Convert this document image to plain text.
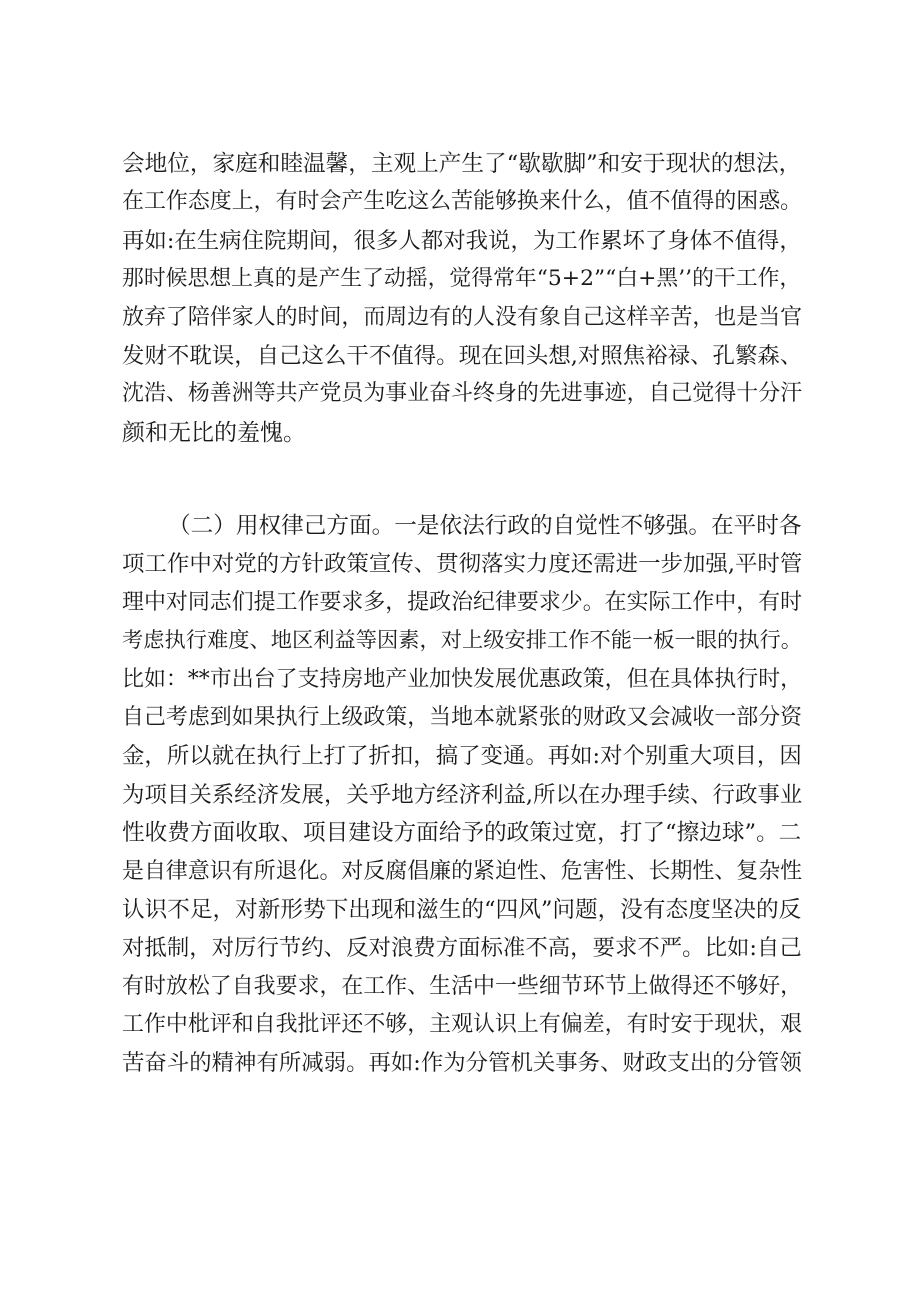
会地位，家庭和睦温馨，主观上产生了“歇歇脚”和安于现状的想法，
在工作态度上，有时会产生吃这么苦能够换来什么，值不值得的困惑。
再如:在生病住院期间，很多人都对我说，为工作累坏了身体不值得，
那时候思想上真的是产生了动摇，觉得常年“5+2”“白+黑’’的干工作，
放弃了陪伴家人的时间，而周边有的人没有象自己这样辛苦，也是当官
发财不耽误，自己这么干不值得。现在回头想,对照焦裕禄、孔繁森、
沈浩、杨善洲等共产党员为事业奋斗终身的先进事迹，自己觉得十分汗
颜和无比的羞愧。

（二）用权律己方面。一是依法行政的自觉性不够强。在平时各
项工作中对党的方针政策宣传、贯彻落实力度还需进一步加强,平时管
理中对同志们提工作要求多，提政治纪律要求少。在实际工作中，有时
考虑执行难度、地区利益等因素，对上级安排工作不能一板一眼的执行。
比如：**市出台了支持房地产业加快发展优惠政策，但在具体执行时，
自己考虑到如果执行上级政策，当地本就紧张的财政又会减收一部分资
金，所以就在执行上打了折扣，搞了变通。再如:对个别重大项目，因
为项目关系经济发展，关乎地方经济利益,所以在办理手续、行政事业
性收费方面收取、项目建设方面给予的政策过宽，打了“擦边球”。二
是自律意识有所退化。对反腐倡廉的紧迫性、危害性、长期性、复杂性
认识不足，对新形势下出现和滋生的“四风”问题，没有态度坚决的反
对抵制，对厉行节约、反对浪费方面标准不高，要求不严。比如:自己
有时放松了自我要求，在工作、生活中一些细节环节上做得还不够好，
工作中枇评和自我批评还不够，主观认识上有偏差，有时安于现状，艰
苦奋斗的精神有所减弱。再如:作为分管机关事务、财政支出的分管领
